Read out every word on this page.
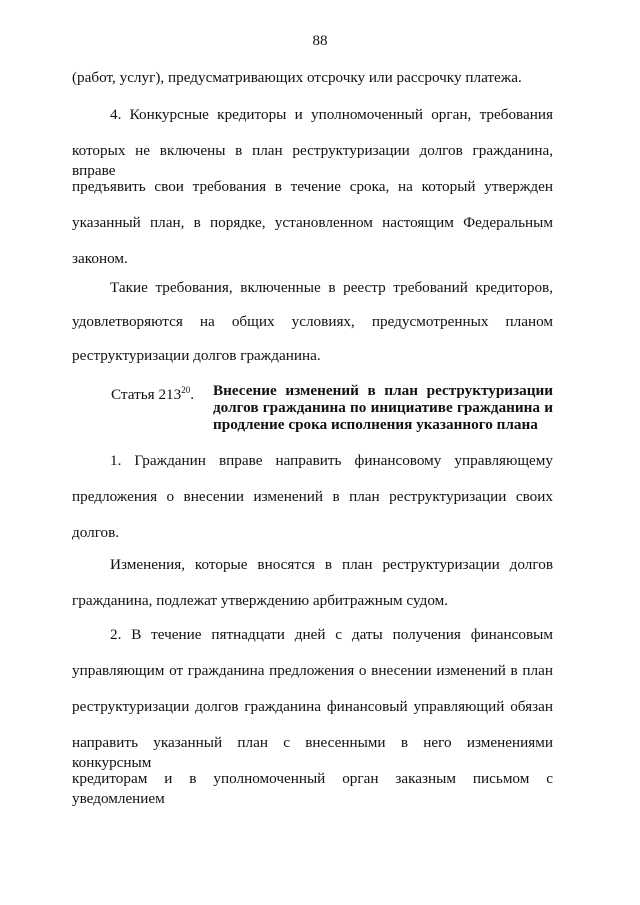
88
(работ, услуг), предусматривающих отсрочку или рассрочку платежа.
4. Конкурсные кредиторы и уполномоченный орган, требования
которых не включены в план реструктуризации долгов гражданина, вправе
предъявить свои требования в течение срока, на который утвержден
указанный план, в порядке, установленном настоящим Федеральным
законом.
Такие требования, включенные в реестр требований кредиторов,
удовлетворяются на общих условиях, предусмотренных планом
реструктуризации долгов гражданина.
Статья $213^{20}$. Внесение изменений в план реструктуризации
долгов гражданина по инициативе гражданина и
продление срока исполнения указанного плана
1. Гражданин вправе направить финансовому управляющему
предложения о внесении изменений в план реструктуризации своих
долгов.
Изменения, которые вносятся в план реструктуризации долгов
гражданина, подлежат утверждению арбитражным судом.
2. В течение пятнадцати дней с даты получения финансовым
управляющим от гражданина предложения о внесении изменений в план
реструктуризации долгов гражданина финансовый управляющий обязан
направить указанный план с внесенными в него изменениями конкурсным
кредиторам и в уполномоченный орган заказным письмом с уведомлением
